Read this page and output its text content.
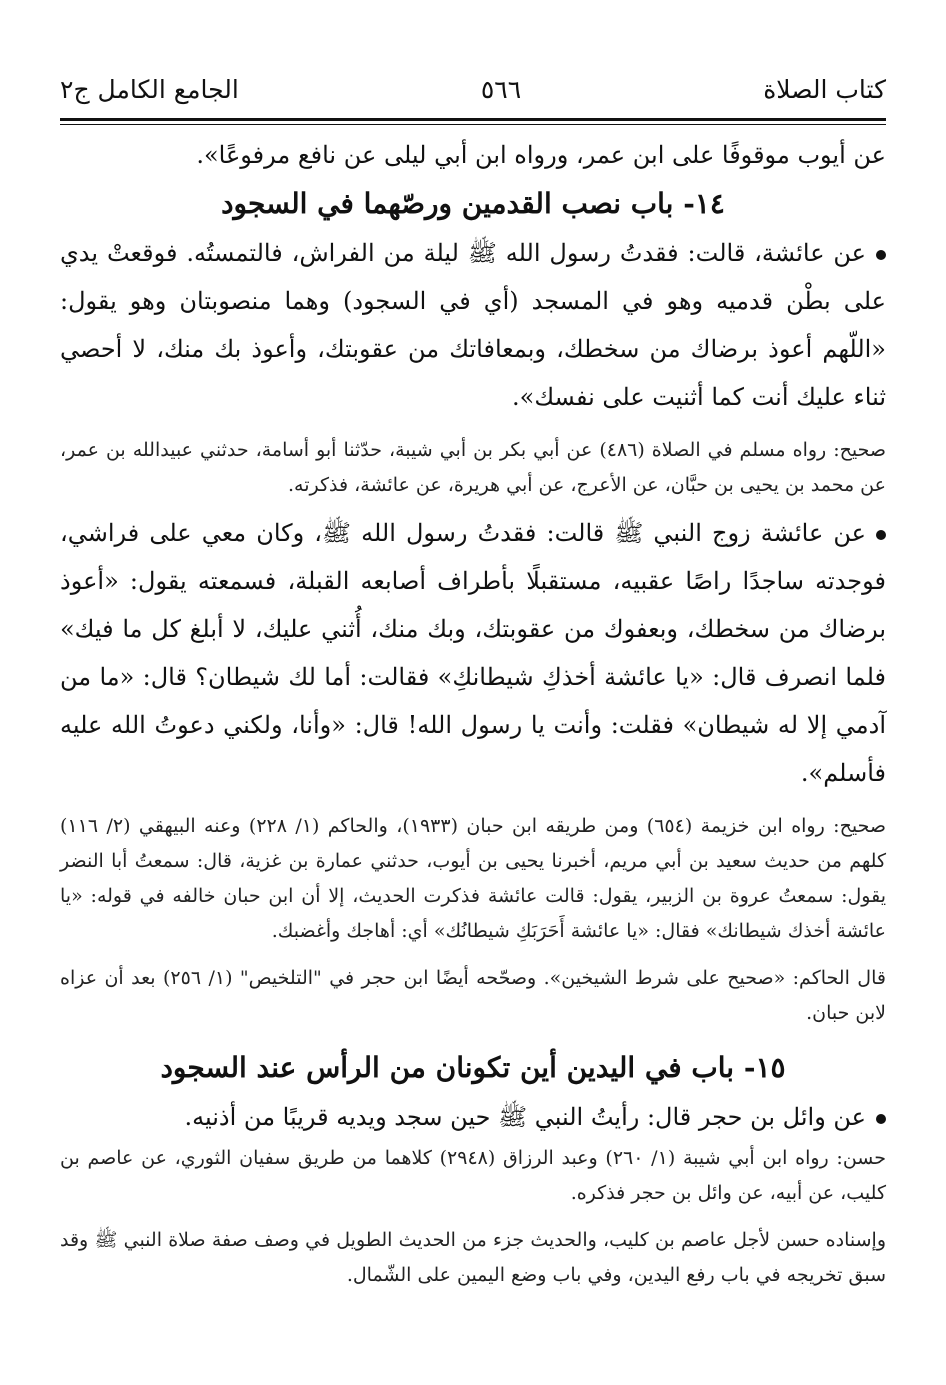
كتاب الصلاة
٥٦٦
الجامع الكامل ج٢

عن أيوب موقوفًا على ابن عمر، ورواه ابن أبي ليلى عن نافع مرفوعًا».

١٤- باب نصب القدمين ورصّهما في السجود
عن عائشة، قالت: فقدتُ رسول الله ﷺ ليلة من الفراش، فالتمستُه. فوقعتْ يدي على بطْن قدميه وهو في المسجد (أي في السجود) وهما منصوبتان وهو يقول: «اللّهم أعوذ برضاك من سخطك، وبمعافاتك من عقوبتك، وأعوذ بك منك، لا أحصي ثناء عليك أنت كما أثنيت على نفسك».
صحيح: رواه مسلم في الصلاة (٤٨٦) عن أبي بكر بن أبي شيبة، حدّثنا أبو أسامة، حدثني عبيدالله بن عمر، عن محمد بن يحيى بن حبَّان، عن الأعرج، عن أبي هريرة، عن عائشة، فذكرته.
عن عائشة زوج النبي ﷺ قالت: فقدتُ رسول الله ﷺ، وكان معي على فراشي، فوجدته ساجدًا راصًا عقبيه، مستقبلًا بأطراف أصابعه القبلة، فسمعته يقول: «أعوذ برضاك من سخطك، وبعفوك من عقوبتك، وبك منك، أُثني عليك، لا أبلغ كل ما فيك» فلما انصرف قال: «يا عائشة أخذكِ شيطانكِ» فقالت: أما لك شيطان؟ قال: «ما من آدمي إلا له شيطان» فقلت: وأنت يا رسول الله! قال: «وأنا، ولكني دعوتُ الله عليه فأسلم».
صحيح: رواه ابن خزيمة (٦٥٤) ومن طريقه ابن حبان (١٩٣٣)، والحاكم (١/ ٢٢٨) وعنه البيهقي (٢/ ١١٦) كلهم من حديث سعيد بن أبي مريم، أخبرنا يحيى بن أيوب، حدثني عمارة بن غزية، قال: سمعتُ أبا النضر يقول: سمعتُ عروة بن الزبير، يقول: قالت عائشة فذكرت الحديث، إلا أن ابن حبان خالفه في قوله: «يا عائشة أخذك شيطانك» فقال: «يا عائشة أَحَرَبَكِ شيطانُك» أي: أهاجك وأغضبك.
قال الحاكم: «صحيح على شرط الشيخين». وصحّحه أيضًا ابن حجر في "التلخيص" (١/ ٢٥٦) بعد أن عزاه لابن حبان.
١٥- باب في اليدين أين تكونان من الرأس عند السجود
عن وائل بن حجر قال: رأيتُ النبي ﷺ حين سجد ويديه قريبًا من أذنيه.
حسن: رواه ابن أبي شيبة (١/ ٢٦٠) وعبد الرزاق (٢٩٤٨) كلاهما من طريق سفيان الثوري، عن عاصم بن كليب، عن أبيه، عن وائل بن حجر فذكره.
وإسناده حسن لأجل عاصم بن كليب، والحديث جزء من الحديث الطويل في وصف صفة صلاة النبي ﷺ وقد سبق تخريجه في باب رفع اليدين، وفي باب وضع اليمين على الشّمال.
